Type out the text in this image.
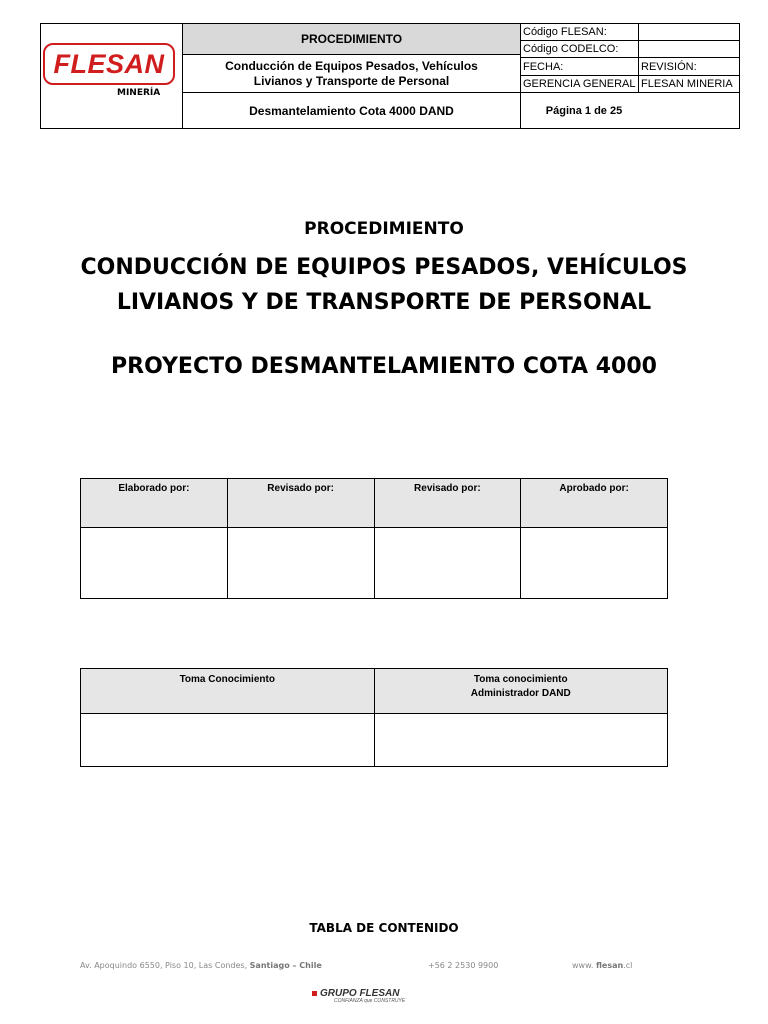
FLESAN
MINERÍA
PROCEDIMIENTO
Conducción de Equipos Pesados, Vehículos
Livianos y Transporte de Personal
Desmantelamiento Cota 4000 DAND
Código FLESAN:
Código CODELCO:
FECHA:	REVISIÓN:
GERENCIA GENERAL FLESAN MINERIA
Página 1 de 25
PROCEDIMIENTO
CONDUCCIÓN DE EQUIPOS PESADOS, VEHÍCULOS
LIVIANOS Y DE TRANSPORTE DE PERSONAL
PROYECTO DESMANTELAMIENTO COTA 4000
Elaborado por:	Revisado por:	Revisado por:	Aprobado por:

Toma Conocimiento	Toma conocimiento
Administrador DAND

TABLA DE CONTENIDO
Av. Apoquindo 6550, Piso 10, Las Condes, Santiago – Chile	+56 2 2530 9900	www. flesan.cl
GRUPO FLESAN
CONFIANZA que CONSTRUYE
